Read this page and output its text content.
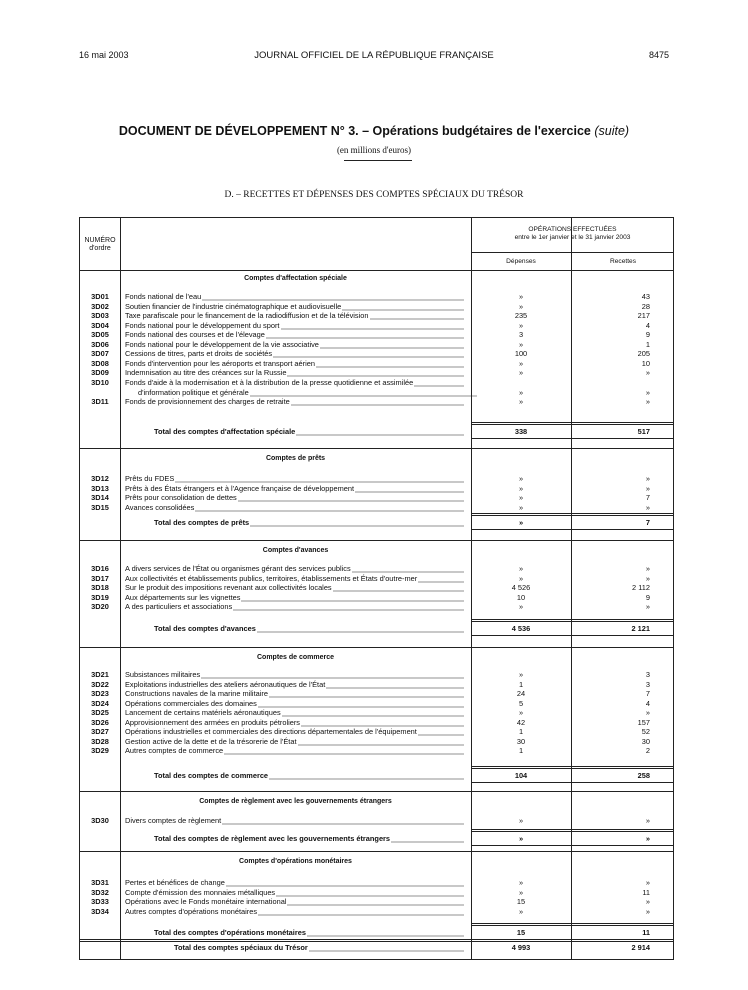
16 mai 2003	JOURNAL OFFICIEL DE LA RÉPUBLIQUE FRANÇAISE	8475
DOCUMENT DE DÉVELOPPEMENT N° 3. – Opérations budgétaires de l'exercice (suite)
(en millions d'euros)
D. – RECETTES ET DÉPENSES DES COMPTES SPÉCIAUX DU TRÉSOR
NUMÉRO
d'ordre
OPÉRATIONS EFFECTUÉES
entre le 1er janvier et le 31 janvier 2003
Dépenses	Recettes
Comptes d'affectation spéciale
3D01	Fonds national de l'eau	»	43
3D02	Soutien financier de l'industrie cinématographique et audiovisuelle	»	28
3D03	Taxe parafiscale pour le financement de la radiodiffusion et de la télévision	235	217
3D04	Fonds national pour le développement du sport	»	4
3D05	Fonds national des courses et de l'élevage	3	9
3D06	Fonds national pour le développement de la vie associative	»	1
3D07	Cessions de titres, parts et droits de sociétés	100	205
3D08	Fonds d'intervention pour les aéroports et transport aérien	»	10
3D09	Indemnisation au titre des créances sur la Russie	»	»
3D10	Fonds d'aide à la modernisation et à la distribution de la presse quotidienne et assimilée
d'information politique et générale	»	»
3D11	Fonds de provisionnement des charges de retraite	»	»
Total des comptes d'affectation spéciale	338	517
Comptes de prêts
3D12	Prêts du FDES	»	»
3D13	Prêts à des États étrangers et à l'Agence française de développement	»	»
3D14	Prêts pour consolidation de dettes	»	7
3D15	Avances consolidées	»	»
Total des comptes de prêts	»	7
Comptes d'avances
3D16	A divers services de l'État ou organismes gérant des services publics	»	»
3D17	Aux collectivités et établissements publics, territoires, établissements et États d'outre-mer	»	»
3D18	Sur le produit des impositions revenant aux collectivités locales	4 526	2 112
3D19	Aux départements sur les vignettes	10	9
3D20	A des particuliers et associations	»	»
Total des comptes d'avances	4 536	2 121
Comptes de commerce
3D21	Subsistances militaires	»	3
3D22	Exploitations industrielles des ateliers aéronautiques de l'État	1	3
3D23	Constructions navales de la marine militaire	24	7
3D24	Opérations commerciales des domaines	5	4
3D25	Lancement de certains matériels aéronautiques	»	»
3D26	Approvisionnement des armées en produits pétroliers	42	157
3D27	Opérations industrielles et commerciales des directions départementales de l'équipement	1	52
3D28	Gestion active de la dette et de la trésorerie de l'État	30	30
3D29	Autres comptes de commerce	1	2
Total des comptes de commerce	104	258
Comptes de règlement avec les gouvernements étrangers
3D30	Divers comptes de règlement	»	»
Total des comptes de règlement avec les gouvernements étrangers	»	»
Comptes d'opérations monétaires
3D31	Pertes et bénéfices de change	»	»
3D32	Compte d'émission des monnaies métalliques	»	11
3D33	Opérations avec le Fonds monétaire international	15	»
3D34	Autres comptes d'opérations monétaires	»	»
Total des comptes d'opérations monétaires	15	11
Total des comptes spéciaux du Trésor	4 993	2 914
